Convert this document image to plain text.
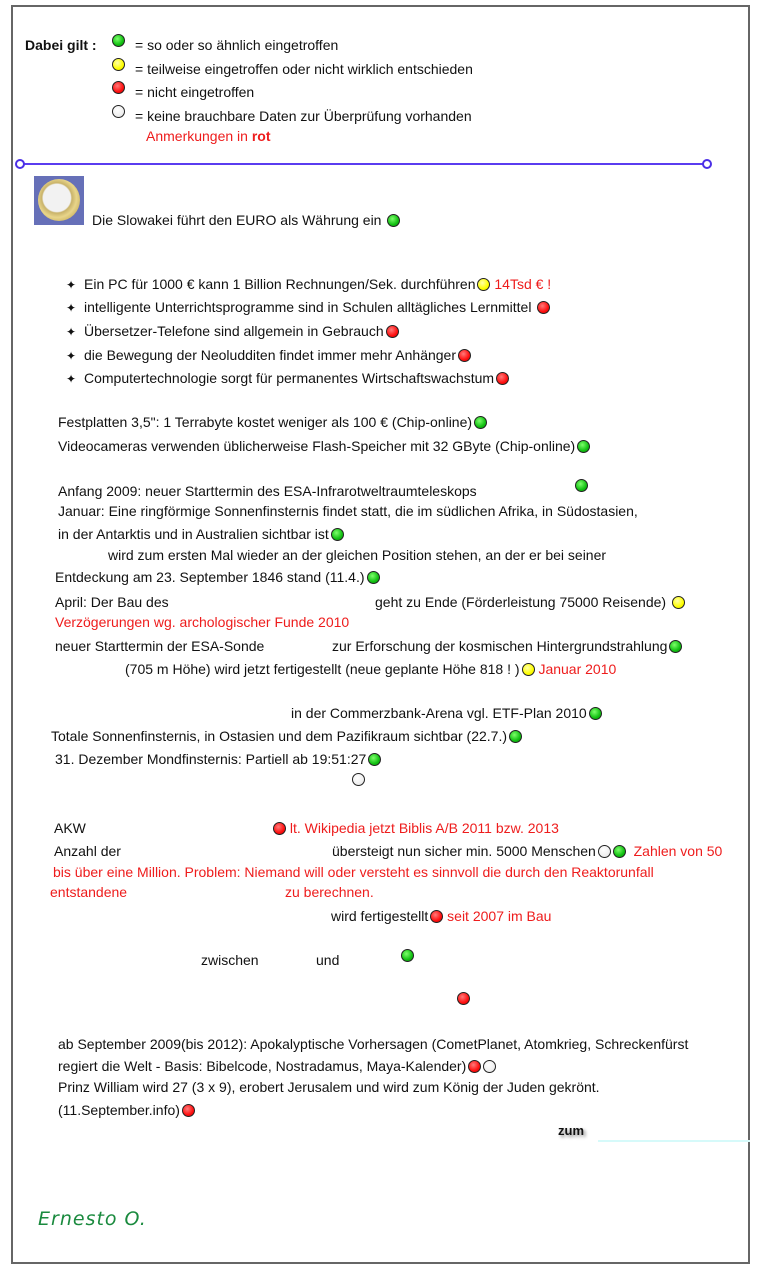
Dabei gilt :	= so oder so ähnlich eingetroffen
= teilweise eingetroffen oder nicht wirklich entschieden
= nicht eingetroffen
= keine brauchbare Daten zur Überprüfung vorhanden
Anmerkungen in rot
Die Slowakei führt den EURO als Währung ein
✦ Ein PC für 1000 € kann 1 Billion Rechnungen/Sek. durchführen 14Tsd € !
✦ intelligente Unterrichtsprogramme sind in Schulen alltägliches Lernmittel
✦ Übersetzer-Telefone sind allgemein in Gebrauch
✦ die Bewegung der Neoludditen findet immer mehr Anhänger
✦ Computertechnologie sorgt für permanentes Wirtschaftswachstum
Festplatten 3,5": 1 Terrabyte kostet weniger als 100 € (Chip-online)
Videocameras verwenden üblicherweise Flash-Speicher mit 32 GByte (Chip-online)
Anfang 2009: neuer Starttermin des ESA-Infrarotweltraumteleskops
Januar: Eine ringförmige Sonnenfinsternis findet statt, die im südlichen Afrika, in Südostasien,
in der Antarktis und in Australien sichtbar ist
wird zum ersten Mal wieder an der gleichen Position stehen, an der er bei seiner
Entdeckung am 23. September 1846 stand (11.4.)
April: Der Bau des	geht zu Ende (Förderleistung 75000 Reisende)
Verzögerungen wg. archologischer Funde 2010
neuer Starttermin der ESA-Sonde	zur Erforschung der kosmischen Hintergrundstrahlung
(705 m Höhe) wird jetzt fertigestellt (neue geplante Höhe 818 ! ) Januar 2010
in der Commerzbank-Arena vgl. ETF-Plan 2010
Totale Sonnenfinsternis, in Ostasien und dem Pazifikraum sichtbar (22.7.)
31. Dezember Mondfinsternis: Partiell ab 19:51:27
AKW	lt. Wikipedia jetzt Biblis A/B 2011 bzw. 2013
Anzahl der	übersteigt nun sicher min. 5000 Menschen	Zahlen von 50
bis über eine Million. Problem: Niemand will oder versteht es sinnvoll die durch den Reaktorunfall
entstandene	zu berechnen.
wird fertigestellt seit 2007 im Bau
zwischen	und
ab September 2009(bis 2012): Apokalyptische Vorhersagen (CometPlanet, Atomkrieg, Schreckenfürst
regiert die Welt - Basis: Bibelcode, Nostradamus, Maya-Kalender)
Prinz William wird 27 (3 x 9), erobert Jerusalem und wird zum König der Juden gekrönt.
(11.September.info)
zum
Ernesto O.
